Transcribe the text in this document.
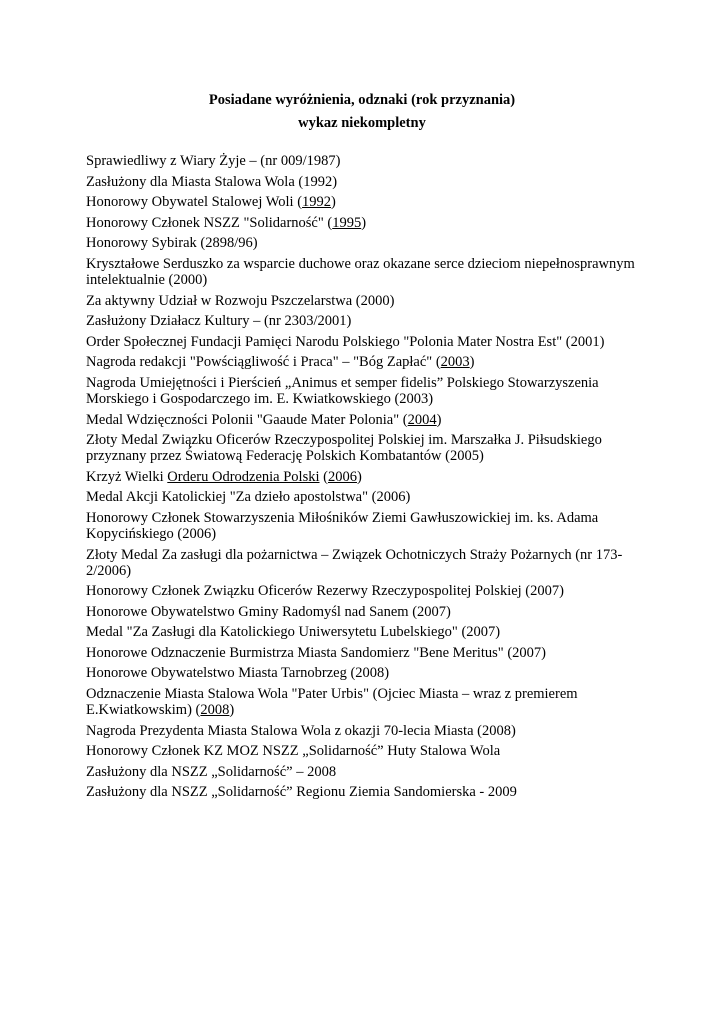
Posiadane wyróżnienia, odznaki (rok przyznania)
wykaz niekompletny
Sprawiedliwy z Wiary Żyje – (nr 009/1987)
Zasłużony dla Miasta Stalowa Wola (1992)
Honorowy Obywatel Stalowej Woli (1992)
Honorowy Członek NSZZ "Solidarność" (1995)
Honorowy Sybirak (2898/96)
Kryształowe Serduszko za wsparcie duchowe oraz okazane serce dzieciom niepełnosprawnym intelektualnie (2000)
Za aktywny Udział w Rozwoju Pszczelarstwa (2000)
Zasłużony Działacz Kultury – (nr 2303/2001)
Order Społecznej Fundacji Pamięci Narodu Polskiego "Polonia Mater Nostra Est" (2001)
Nagroda redakcji "Powściągliwość i Praca" – "Bóg Zapłać" (2003)
Nagroda Umiejętności i Pierścień „Animus et semper fidelis” Polskiego Stowarzyszenia Morskiego i Gospodarczego im. E. Kwiatkowskiego (2003)
Medal Wdzięczności Polonii "Gaaude Mater Polonia" (2004)
Złoty Medal Związku Oficerów Rzeczypospolitej Polskiej im. Marszałka J. Piłsudskiego przyznany przez Światową Federację Polskich Kombatantów (2005)
Krzyż Wielki Orderu Odrodzenia Polski (2006)
Medal Akcji Katolickiej "Za dzieło apostolstwa" (2006)
Honorowy Członek Stowarzyszenia Miłośników Ziemi Gawłuszowickiej im. ks. Adama Kopycińskiego (2006)
Złoty Medal Za zasługi dla pożarnictwa – Związek Ochotniczych Straży Pożarnych (nr 173-2/2006)
Honorowy Członek Związku Oficerów Rezerwy Rzeczypospolitej Polskiej (2007)
Honorowe Obywatelstwo Gminy Radomyśl nad Sanem (2007)
Medal "Za Zasługi dla Katolickiego Uniwersytetu Lubelskiego" (2007)
Honorowe Odznaczenie Burmistrza Miasta Sandomierz "Bene Meritus" (2007)
Honorowe Obywatelstwo Miasta Tarnobrzeg (2008)
Odznaczenie Miasta Stalowa Wola "Pater Urbis" (Ojciec Miasta – wraz z premierem E.Kwiatkowskim) (2008)
Nagroda Prezydenta Miasta Stalowa Wola z okazji 70-lecia Miasta (2008)
Honorowy Członek KZ MOZ NSZZ „Solidarność” Huty Stalowa Wola
Zasłużony dla NSZZ „Solidarność” – 2008
Zasłużony dla NSZZ „Solidarność” Regionu Ziemia Sandomierska - 2009
